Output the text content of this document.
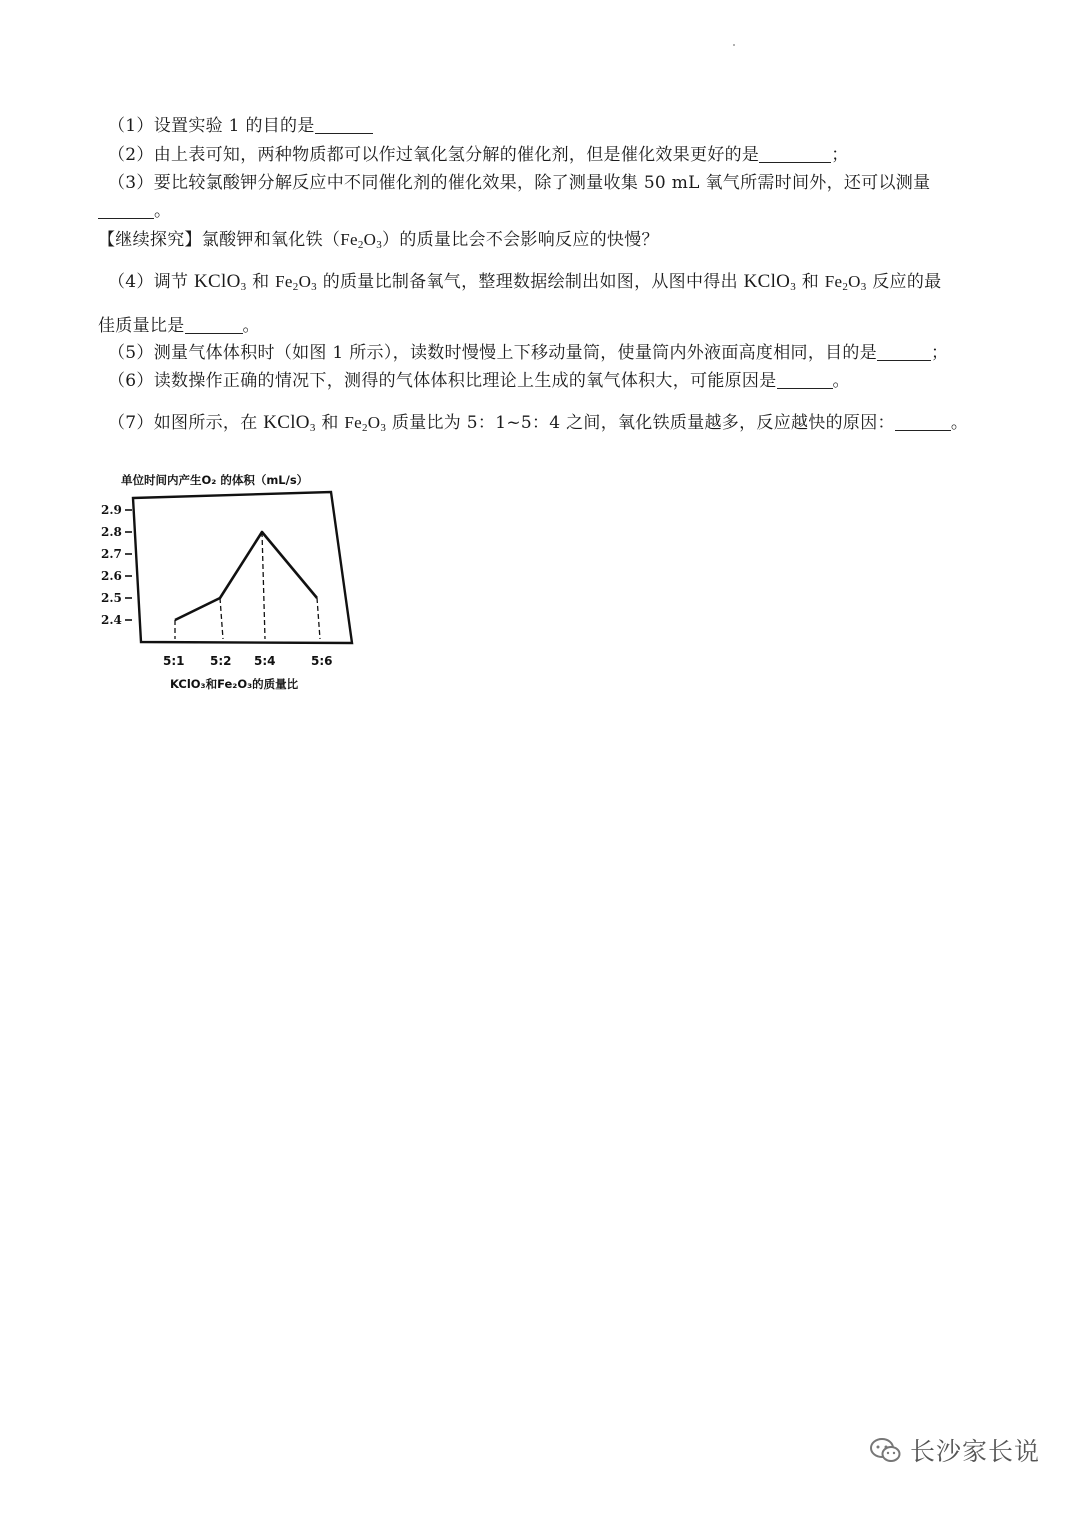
（1）设置实验 1 的目的是
（2）由上表可知，两种物质都可以作过氧化氢分解的催化剂，但是催化效果更好的是	；
（3）要比较氯酸钾分解反应中不同催化剂的催化效果，除了测量收集 50 mL 氧气所需时间外，还可以测量
。
【继续探究】氯酸钾和氧化铁$(Fe_2O_3)$的质量比会不会影响反应的快慢？
（4）调节 KClO$_3$ 和 $Fe_2O_3$ 的质量比制备氧气，整理数据绘制出如图，从图中得出 KClO$_3$ 和 $Fe_2O_3$ 反应的最
佳质量比是	。
（5）测量气体体积时（如图 1 所示），读数时慢慢上下移动量筒，使量筒内外液面高度相同，目的是	；
（6）读数操作正确的情况下，测得的气体体积比理论上生成的氧气体积大，可能原因是	。
（7）如图所示，在 KClO$_3$ 和 $Fe_2O_3$ 质量比为 5：1~5：4 之间，氧化铁质量越多，反应越快的原因：	。
单位时间内产生O₂ 的体积（mL/s）
2.9
2.8
2.7
2.6
2.5
2.4
5:1 5:2 5:4	5:6
KClO₃和Fe₂O₃的质量比
长沙家长说
